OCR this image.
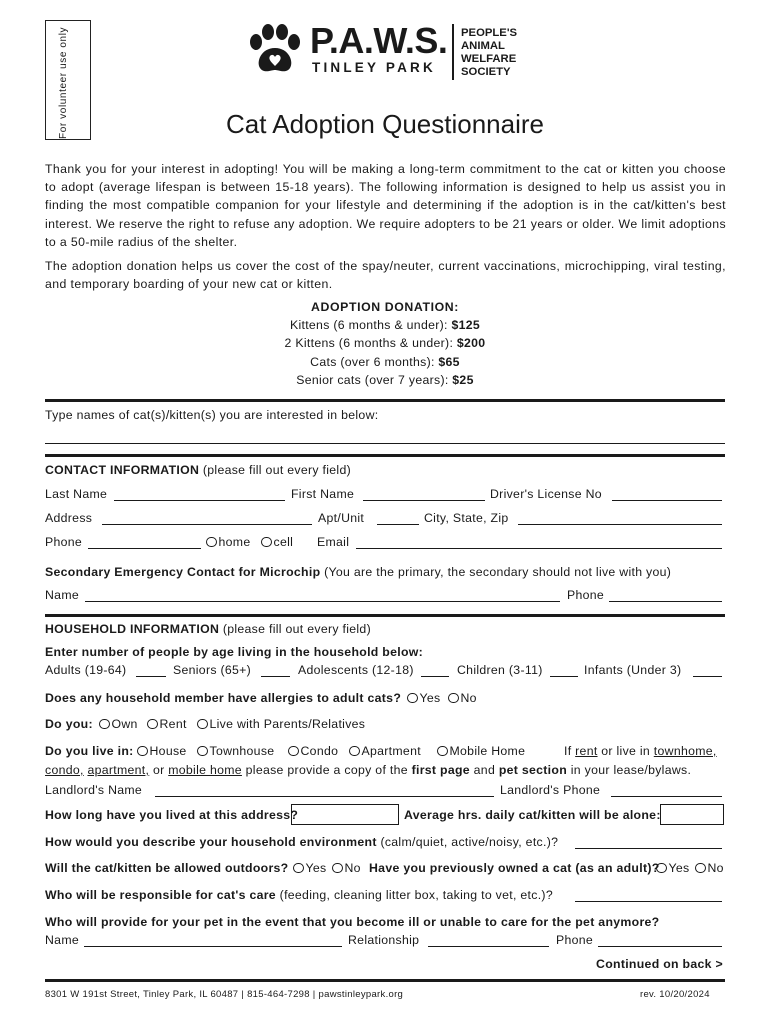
For volunteer use only	P.A.W.S.
TINLEY PARK
PEOPLE'S
ANIMAL
WELFARE
SOCIETY
Cat Adoption Questionnaire
Thank you for your interest in adopting! You will be making a long-term commitment to the cat or kitten you choose to adopt (average lifespan is between 15-18 years). The following information is designed to help us assist you in finding the most compatible companion for your lifestyle and determining if the adoption is in the cat/kitten's best interest. We reserve the right to refuse any adoption. We require adopters to be 21 years or older. We limit adoptions to a 50-mile radius of the shelter.
The adoption donation helps us cover the cost of the spay/neuter, current vaccinations, microchipping, viral testing, and temporary boarding of your new cat or kitten.
ADOPTION DONATION:
Kittens (6 months & under): $125
2 Kittens (6 months & under): $200
Cats (over 6 months): $65
Senior cats (over 7 years): $25
Type names of cat(s)/kitten(s) you are interested in below:
CONTACT INFORMATION (please fill out every field)
Last Name	First Name	Driver's License No
Address	Apt/Unit	City, State, Zip
Phone	home	cell Email
Secondary Emergency Contact for Microchip (You are the primary, the secondary should not live with you)
Name	Phone
HOUSEHOLD INFORMATION (please fill out every field)
Enter number of people by age living in the household below:
Adults (19-64)	Seniors (65+)	Adolescents (12-18)	Children (3-11)	Infants (Under 3)
Does any household member have allergies to adult cats?	Yes	No
Do you:	Own	Rent	Live with Parents/Relatives
Do you live in:	House	Townhouse	Condo	Apartment	Mobile Home	If rent or live in townhome,
condo, apartment, or mobile home please provide a copy of the first page and pet section in your lease/bylaws.
Landlord's Name	Landlord's Phone
How long have you lived at this address?	Average hrs. daily cat/kitten will be alone:
How would you describe your household environment (calm/quiet, active/noisy, etc.)?
Will the cat/kitten be allowed outdoors?	Yes	No Have you previously owned a cat (as an adult)? Yes	No
Who will be responsible for cat's care (feeding, cleaning litter box, taking to vet, etc.)?
Who will provide for your pet in the event that you become ill or unable to care for the pet anymore?
Name	Relationship	Phone
Continued on back >
8301 W 191st Street, Tinley Park, IL 60487 | 815-464-7298 | pawstinleypark.org	rev. 10/20/2024
